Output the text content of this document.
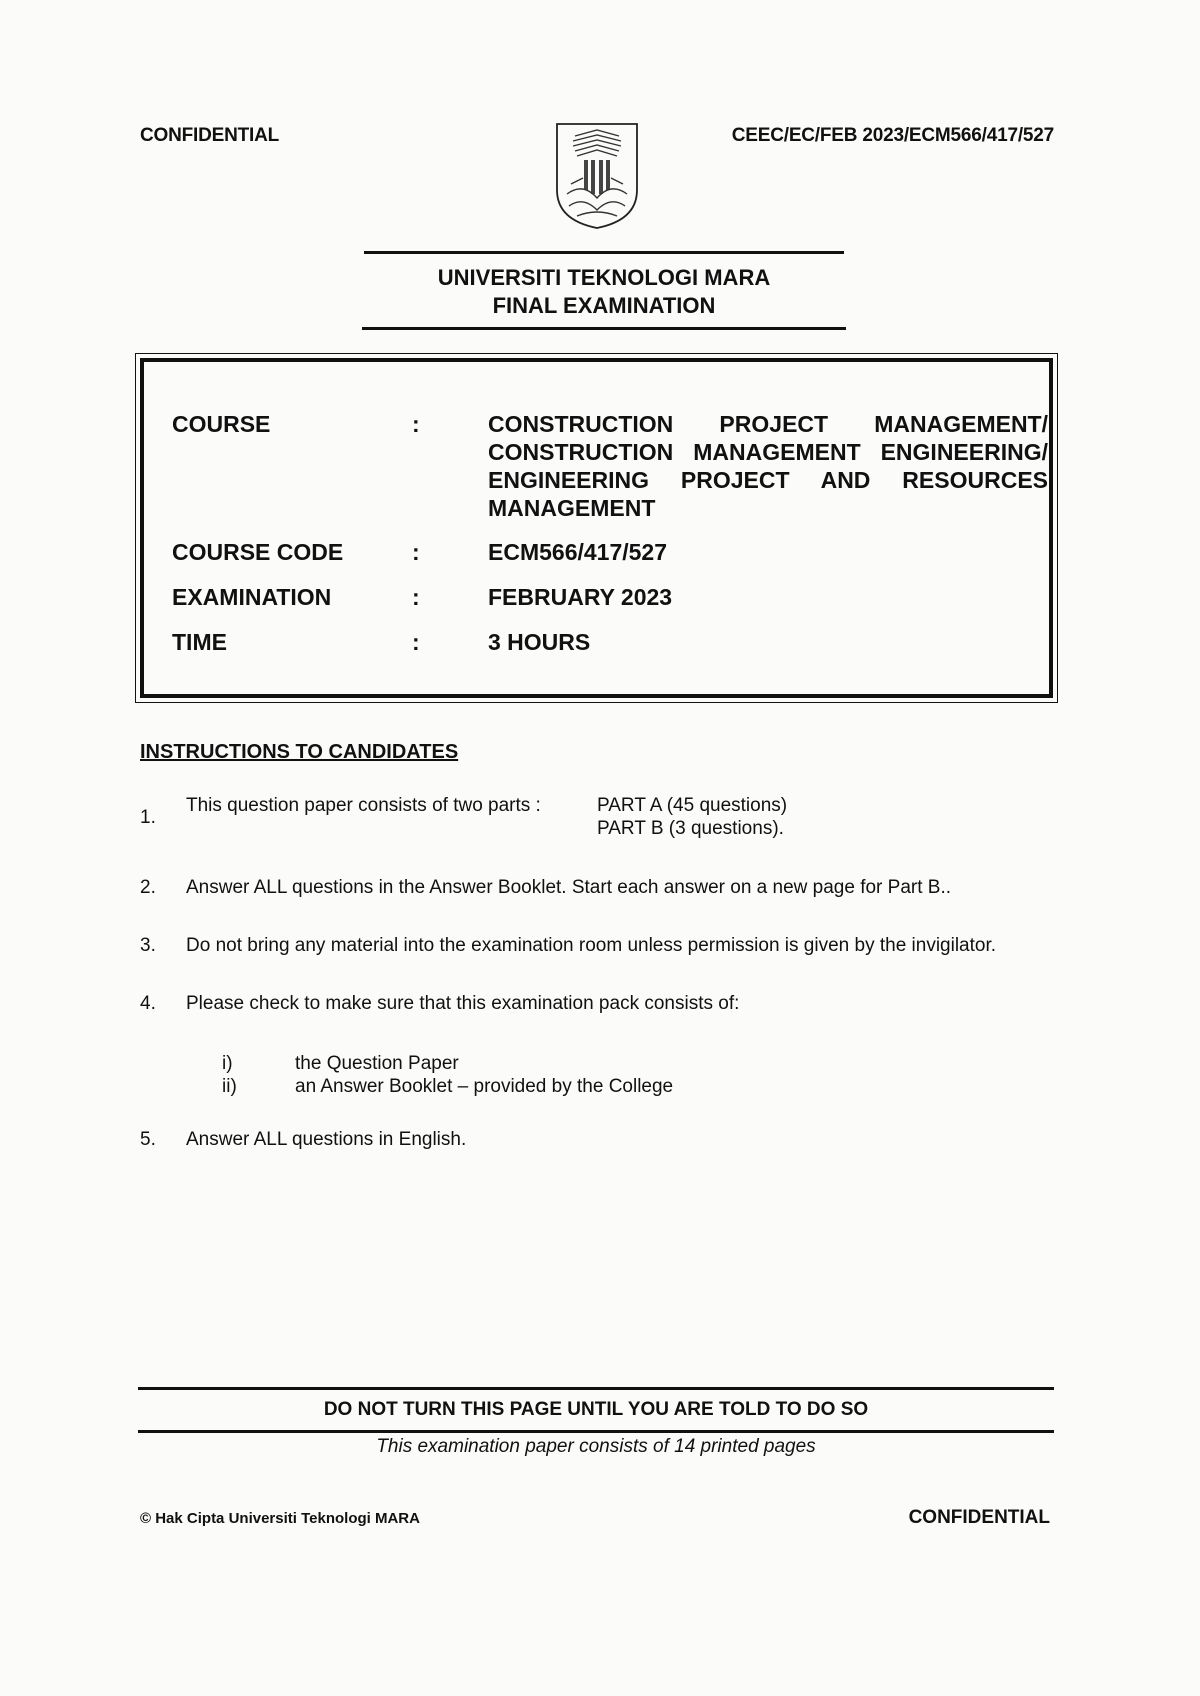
CONFIDENTIAL	CEEC/EC/FEB 2023/ECM566/417/527
UNIVERSITI TEKNOLOGI MARA
FINAL EXAMINATION
COURSE	:	CONSTRUCTION PROJECT MANAGEMENT/
CONSTRUCTION MANAGEMENT ENGINEERING/
ENGINEERING PROJECT AND RESOURCES
MANAGEMENT
COURSE CODE	:	ECM566/417/527
EXAMINATION	:	FEBRUARY 2023
TIME	:	3 HOURS
INSTRUCTIONS TO CANDIDATES
1.
This question paper consists of two parts :	PART A (45 questions)
PART B (3 questions).
2. Answer ALL questions in the Answer Booklet. Start each answer on a new page for Part B..
3. Do not bring any material into the examination room unless permission is given by the invigilator.
4. Please check to make sure that this examination pack consists of:
i)	the Question Paper
ii)	an Answer Booklet – provided by the College
5. Answer ALL questions in English.
DO NOT TURN THIS PAGE UNTIL YOU ARE TOLD TO DO SO
This examination paper consists of 14 printed pages
© Hak Cipta Universiti Teknologi MARA	CONFIDENTIAL
